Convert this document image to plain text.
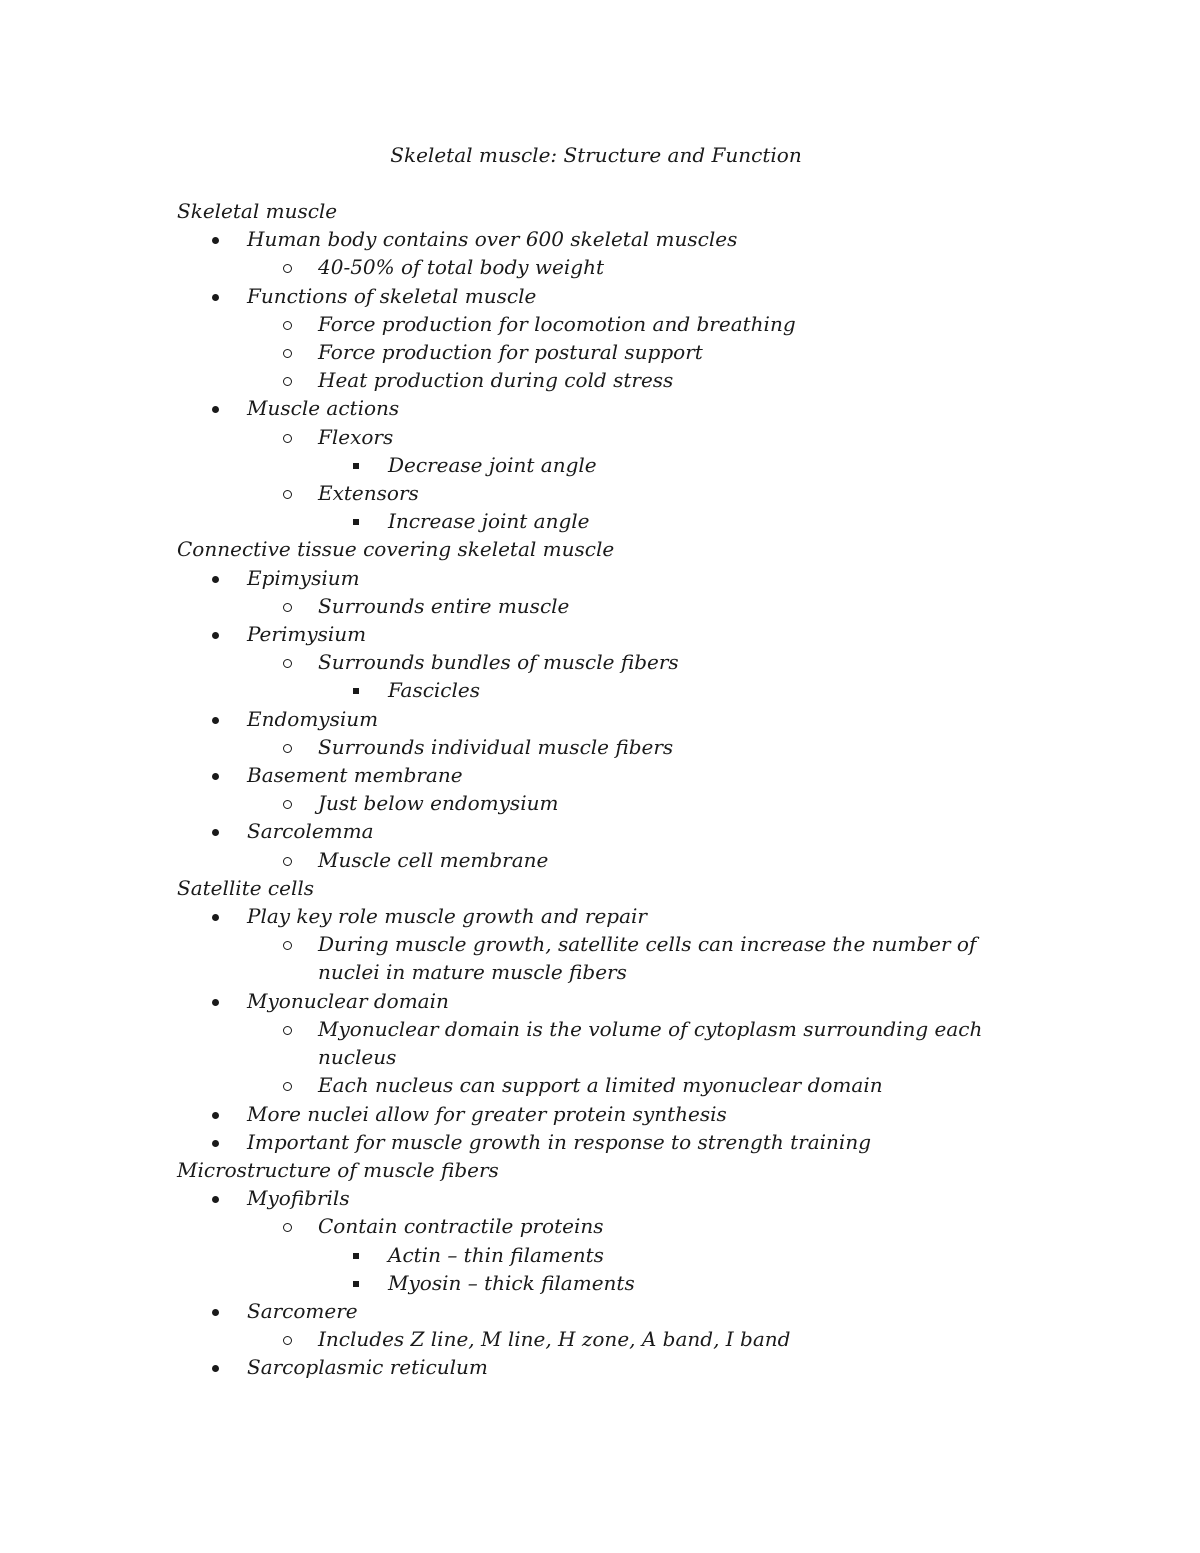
Skeletal muscle: Structure and Function
Skeletal muscle
Human body contains over 600 skeletal muscles
40-50% of total body weight
Functions of skeletal muscle
Force production for locomotion and breathing
Force production for postural support
Heat production during cold stress
Muscle actions
Flexors
Decrease joint angle
Extensors
Increase joint angle
Connective tissue covering skeletal muscle
Epimysium
Surrounds entire muscle
Perimysium
Surrounds bundles of muscle fibers
Fascicles
Endomysium
Surrounds individual muscle fibers
Basement membrane
Just below endomysium
Sarcolemma
Muscle cell membrane
Satellite cells
Play key role muscle growth and repair
During muscle growth, satellite cells can increase the number of nuclei in mature muscle fibers
Myonuclear domain
Myonuclear domain is the volume of cytoplasm surrounding each nucleus
Each nucleus can support a limited myonuclear domain
More nuclei allow for greater protein synthesis
Important for muscle growth in response to strength training
Microstructure of muscle fibers
Myofibrils
Contain contractile proteins
Actin – thin filaments
Myosin – thick filaments
Sarcomere
Includes Z line, M line, H zone, A band, I band
Sarcoplasmic reticulum
